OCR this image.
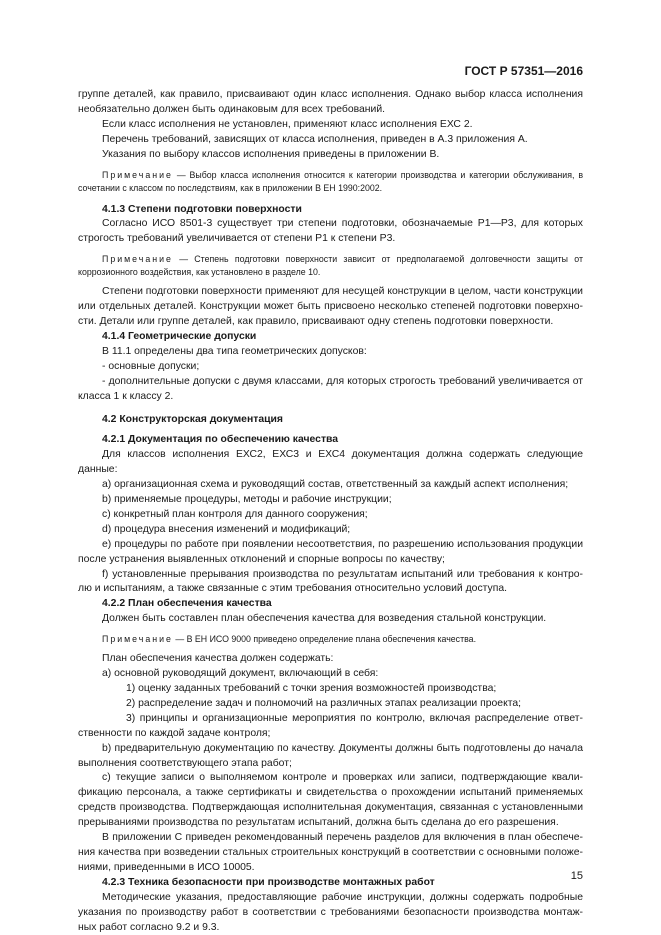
ГОСТ Р 57351—2016

группе деталей, как правило, присваивают один класс исполнения. Однако выбор класса исполнения необязательно должен быть одинаковым для всех требований.

Если класс исполнения не установлен, применяют класс исполнения ЕХС 2.

Перечень требований, зависящих от класса исполнения, приведен в А.3 приложения А.

Указания по выбору классов исполнения приведены в приложении В.

Примечание — Выбор класса исполнения относится к категории производства и категории обслуживания, в сочетании с классом по последствиям, как в приложении В ЕН 1990:2002.

4.1.3 Степени подготовки поверхности

Согласно ИСО 8501-3 существует три степени подготовки, обозначаемые Р1—Р3, для которых строгость требований увеличивается от степени Р1 к степени Р3.

Примечание — Степень подготовки поверхности зависит от предполагаемой долговечности защиты от коррозионного воздействия, как установлено в разделе 10.

Степени подготовки поверхности применяют для несущей конструкции в целом, части конструкции или отдельных деталей. Конструкции может быть присвоено несколько степеней подготовки поверхности. Детали или группе деталей, как правило, присваивают одну степень подготовки поверхности.

4.1.4 Геометрические допуски

В 11.1 определены два типа геометрических допусков:

- основные допуски;

- дополнительные допуски с двумя классами, для которых строгость требований увеличивается от класса 1 к классу 2.

4.2 Конструкторская документация

4.2.1 Документация по обеспечению качества

Для классов исполнения ЕХС2, ЕХС3 и ЕХС4 документация должна содержать следующие данные:

a) организационная схема и руководящий состав, ответственный за каждый аспект исполнения;

b) применяемые процедуры, методы и рабочие инструкции;

c) конкретный план контроля для данного сооружения;

d) процедура внесения изменений и модификаций;

e) процедуры по работе при появлении несоответствия, по разрешению использования продукции после устранения выявленных отклонений и спорные вопросы по качеству;

f) установленные прерывания производства по результатам испытаний или требования к контролю и испытаниям, а также связанные с этим требования относительно условий доступа.

4.2.2 План обеспечения качества

Должен быть составлен план обеспечения качества для возведения стальной конструкции.

Примечание — В ЕН ИСО 9000 приведено определение плана обеспечения качества.

План обеспечения качества должен содержать:

a) основной руководящий документ, включающий в себя:

1) оценку заданных требований с точки зрения возможностей производства;

2) распределение задач и полномочий на различных этапах реализации проекта;

3) принципы и организационные мероприятия по контролю, включая распределение ответственности по каждой задаче контроля;

b) предварительную документацию по качеству. Документы должны быть подготовлены до начала выполнения соответствующего этапа работ;

c) текущие записи о выполняемом контроле и проверках или записи, подтверждающие квалификацию персонала, а также сертификаты и свидетельства о прохождении испытаний применяемых средств производства. Подтверждающая исполнительная документация, связанная с установленными прерываниями производства по результатам испытаний, должна быть сделана до его разрешения.

В приложении С приведен рекомендованный перечень разделов для включения в план обеспечения качества при возведении стальных строительных конструкций в соответствии с основными положениями, приведенными в ИСО 10005.

4.2.3 Техника безопасности при производстве монтажных работ

Методические указания, предоставляющие рабочие инструкции, должны содержать подробные указания по производству работ в соответствии с требованиями безопасности производства монтажных работ согласно 9.2 и 9.3.

15
